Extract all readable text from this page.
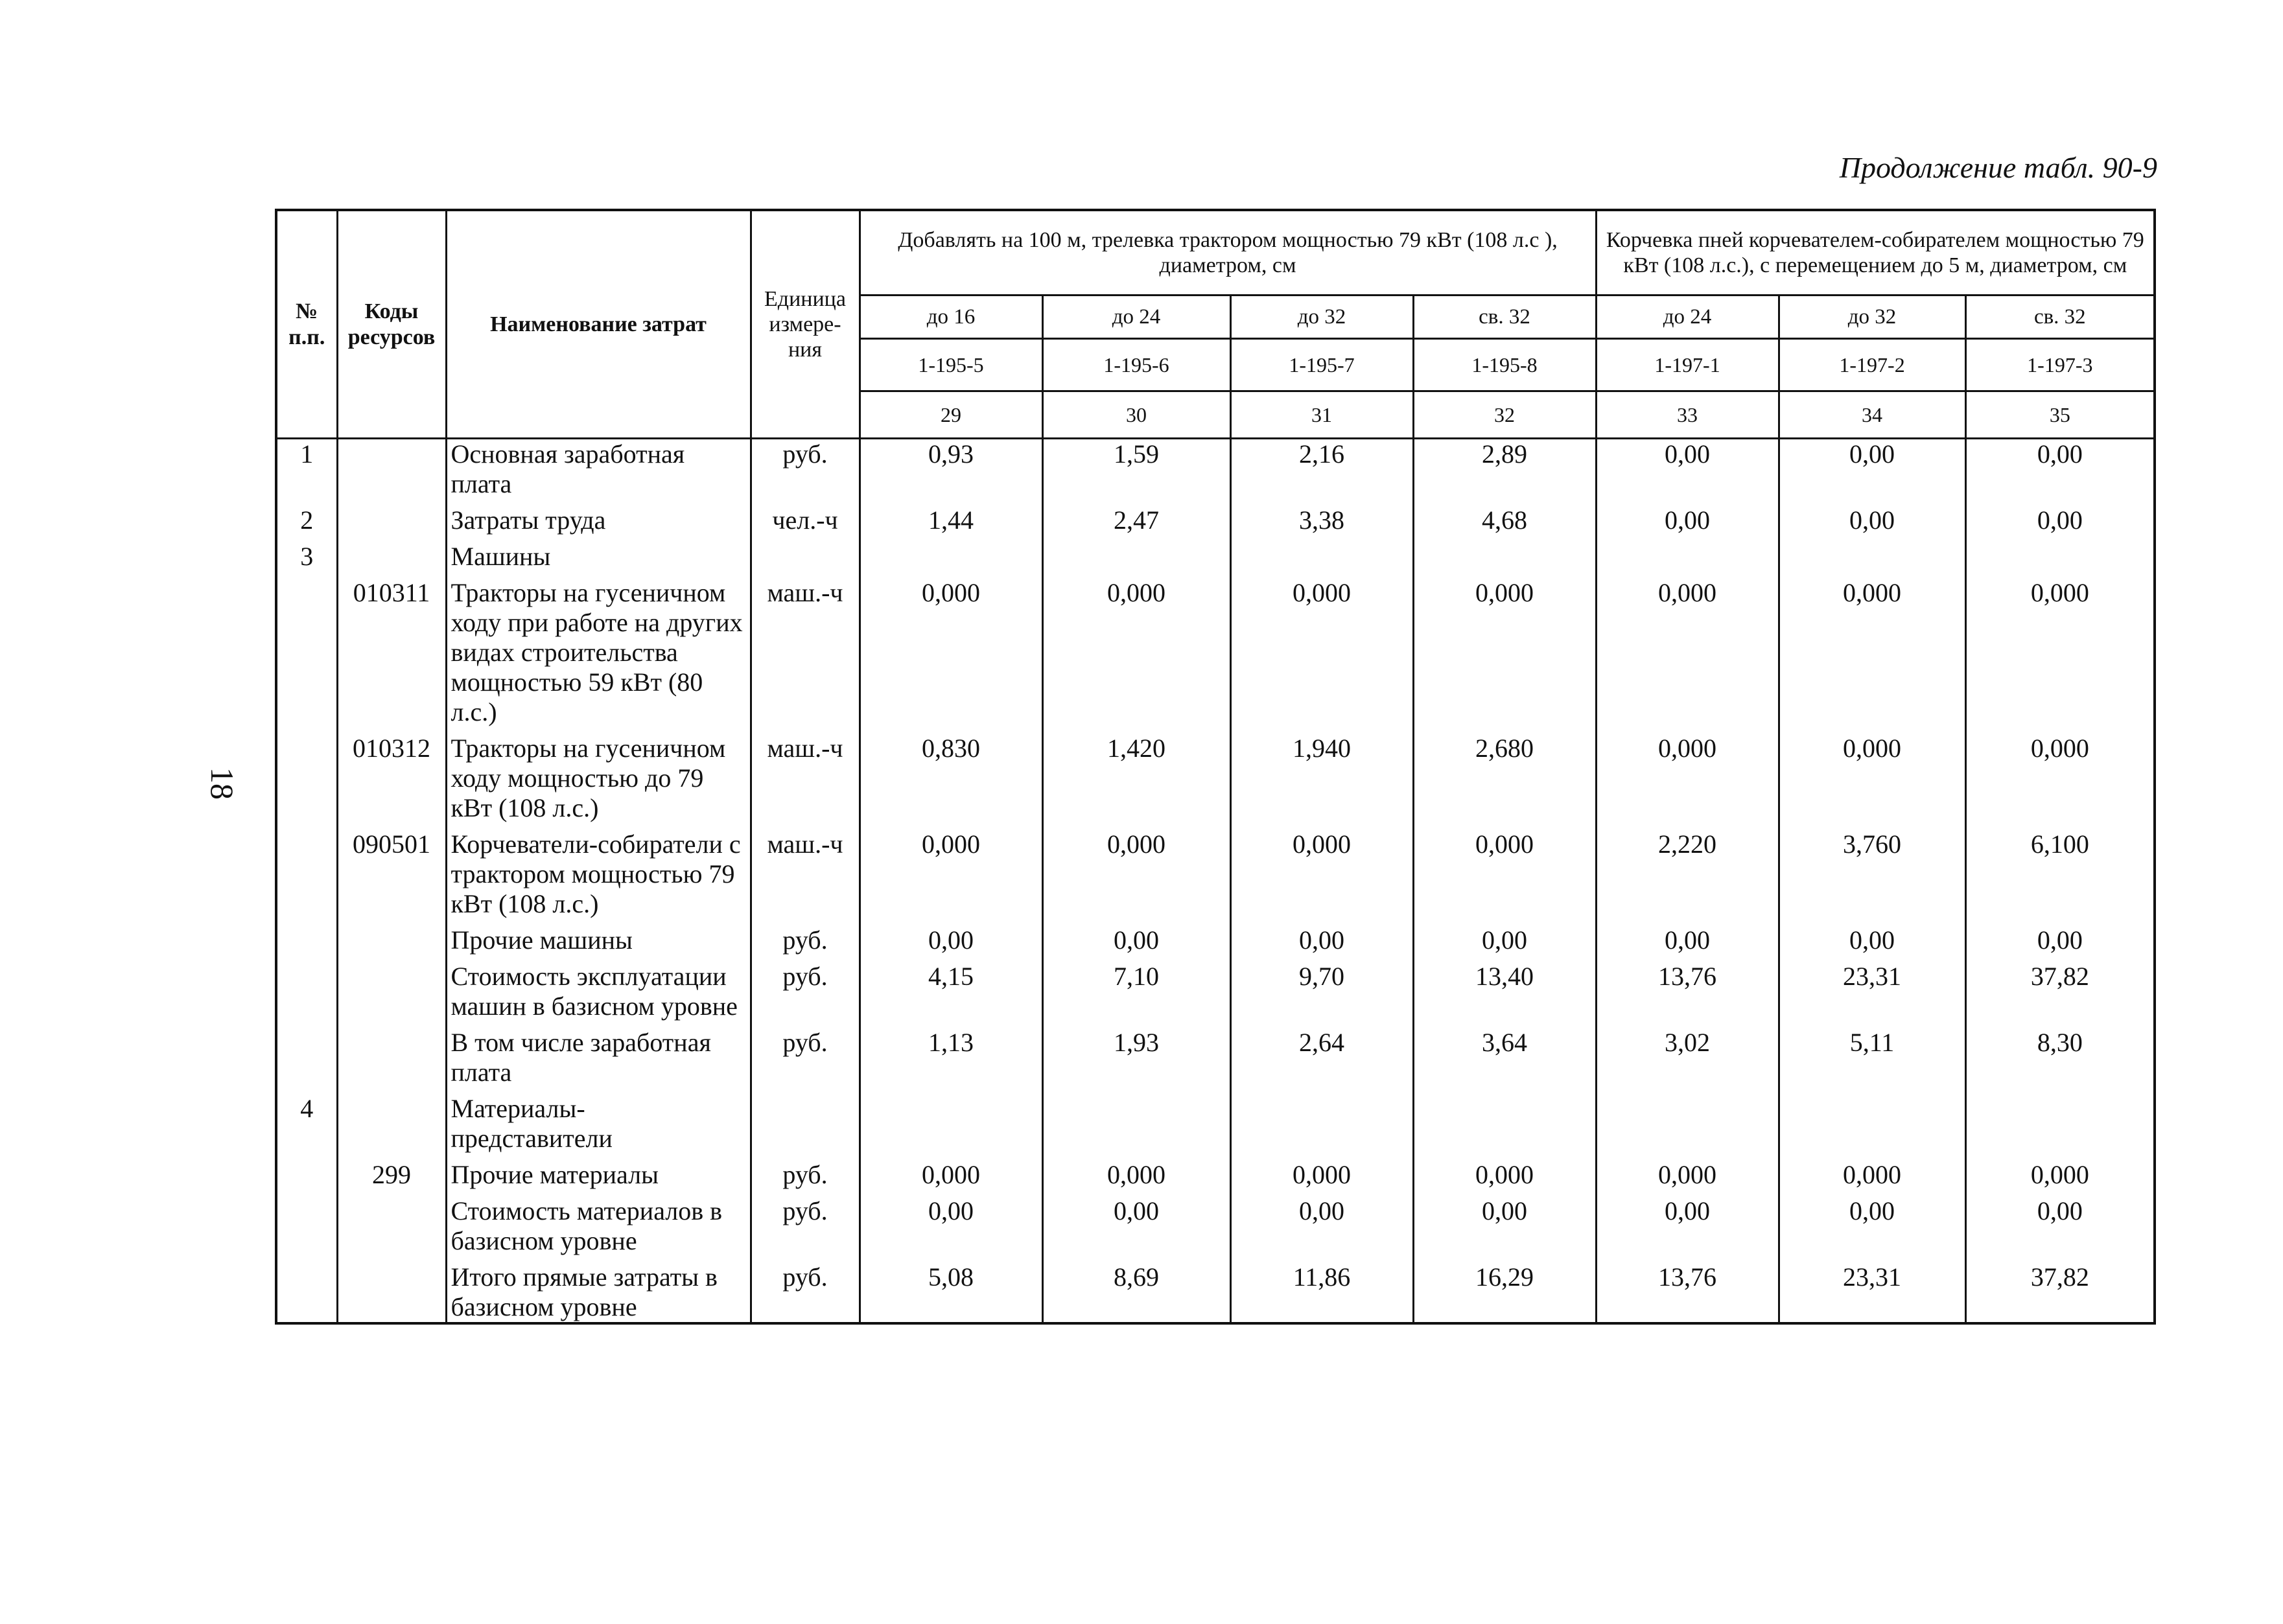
Продолжение табл. 90-9
18
№ п.п.	Коды ресурсов	Наименование затрат	Единица измере-ния	Добавлять на 100 м, трелевка трактором мощностью 79 кВт (108 л.с ), диаметром, см				Корчевка пней корчевателем-собирателем мощностью 79 кВт (108 л.с.), с перемещением до 5 м, диаметром, см		
				до 16	до 24	до 32	св. 32	до 24	до 32	св. 32
				1-195-5	1-195-6	1-195-7	1-195-8	1-197-1	1-197-2	1-197-3
				29	30	31	32	33	34	35
1		Основная заработная плата	руб.	0,93	1,59	2,16	2,89	0,00	0,00	0,00
2		Затраты труда	чел.-ч	1,44	2,47	3,38	4,68	0,00	0,00	0,00
3		Машины								
	010311	Тракторы на гусеничном ходу при работе на других видах строительства мощностью 59 кВт (80 л.с.)	маш.-ч	0,000	0,000	0,000	0,000	0,000	0,000	0,000
	010312	Тракторы на гусеничном ходу мощностью до 79 кВт (108 л.с.)	маш.-ч	0,830	1,420	1,940	2,680	0,000	0,000	0,000
	090501	Корчеватели-собиратели с трактором мощностью 79 кВт (108 л.с.)	маш.-ч	0,000	0,000	0,000	0,000	2,220	3,760	6,100
		Прочие машины	руб.	0,00	0,00	0,00	0,00	0,00	0,00	0,00
		Стоимость эксплуатации машин в базисном уровне	руб.	4,15	7,10	9,70	13,40	13,76	23,31	37,82
		В том числе заработная плата	руб.	1,13	1,93	2,64	3,64	3,02	5,11	8,30
4		Материалы-представители								
	299	Прочие материалы	руб.	0,000	0,000	0,000	0,000	0,000	0,000	0,000
		Стоимость материалов в базисном уровне	руб.	0,00	0,00	0,00	0,00	0,00	0,00	0,00
		Итого прямые затраты в базисном уровне	руб.	5,08	8,69	11,86	16,29	13,76	23,31	37,82
